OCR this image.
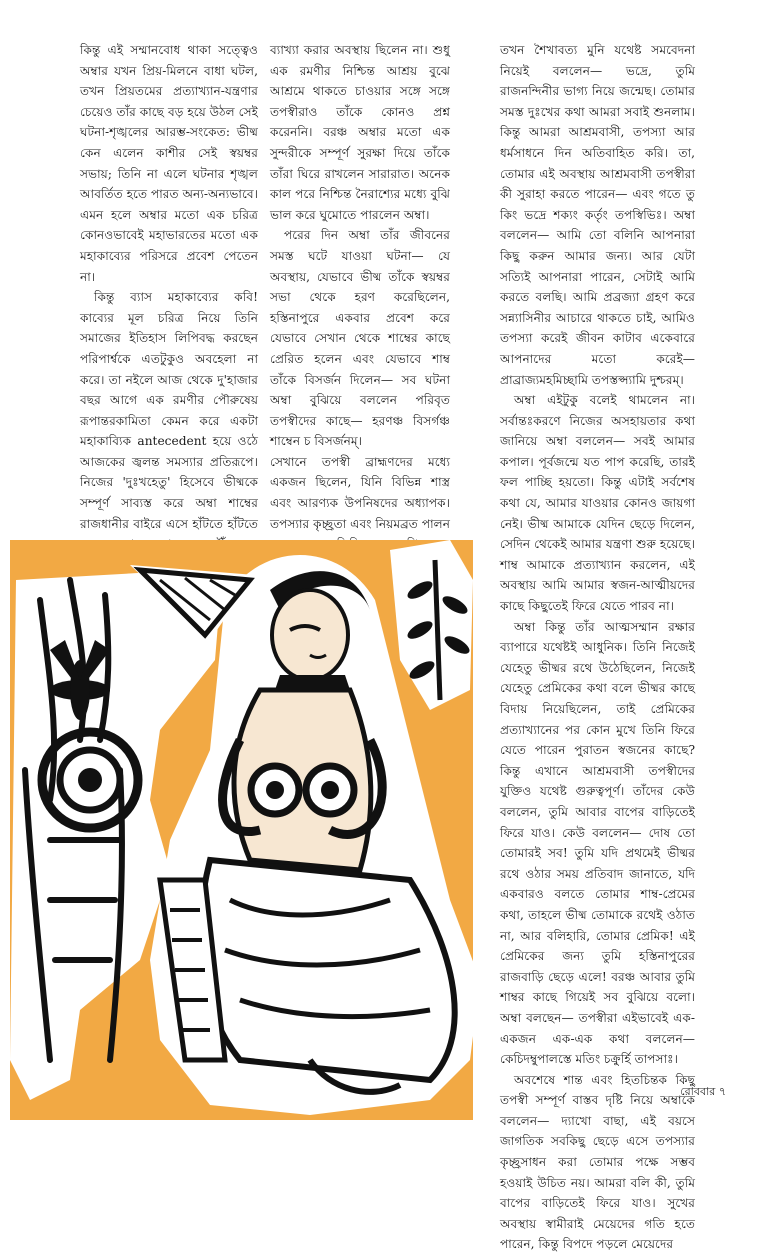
কিন্তু এই সম্মানবোধ থাকা সত্ত্বেও অম্বার যখন প্রিয়-মিলনে বাধা ঘটল, তখন প্রিয়তমের প্রত্যাখ্যান-যন্ত্রণার চেয়েও তাঁর কাছে বড় হয়ে উঠল সেই ঘটনা-শৃঙ্খলের আরম্ভ-সংকেত: ভীষ্ম কেন এলেন কাশীর সেই স্বয়ম্বর সভায়; তিনি না এলে ঘটনার শৃঙ্খল আবর্তিত হতে পারত অন্য-অন্যভাবে। এমন হলে অম্বার মতো এক চরিত্র কোনওভাবেই মহাভারতের মতো এক মহাকাব্যের পরিসরে প্রবেশ পেতেন না।

কিন্তু ব্যাস মহাকাব্যের কবি! কাব্যের মূল চরিত্র নিয়ে তিনি সমাজের ইতিহাস লিপিবদ্ধ করছেন পরিপার্শ্বকে এতটুকুও অবহেলা না করে। তা নইলে আজ থেকে দু'হাজার বছর আগে এক রমণীর পৌরুষেয় রূপান্তরকামিতা কেমন করে একটা মহাকাব্যিক antecedent হয়ে ওঠে আজকের জ্বলন্ত সমস্যার প্রতিরূপে। নিজের 'দুঃখহেতু' হিসেবে ভীষ্মকে সম্পূর্ণ সাব্যস্ত করে অম্বা শাম্বের রাজধানীর বাইরে এসে হাঁটতে হাঁটতে

ব্যাখ্যা করার অবস্থায় ছিলেন না। শুধু এক রমণীর নিশ্চিন্ত আশ্রয় বুঝে আশ্রমে থাকতে চাওয়ার সঙ্গে সঙ্গে তপস্বীরাও তাঁকে কোনও প্রশ্ন করেননি। বরঞ্চ অম্বার মতো এক সুন্দরীকে সম্পূর্ণ সুরক্ষা দিয়ে তাঁকে তাঁরা ঘিরে রাখলেন সারারাত। অনেক কাল পরে নিশ্চিন্ত নৈরাশ্যের মধ্যে বুঝি ভাল করে ঘুমোতে পারলেন অম্বা।

পরের দিন অম্বা তাঁর জীবনের সমস্ত ঘটে যাওয়া ঘটনা— যে অবস্থায়, যেভাবে ভীষ্ম তাঁকে স্বয়ম্বর সভা থেকে হরণ করেছিলেন, হস্তিনাপুরে একবার প্রবেশ করে যেভাবে সেখান থেকে শাম্বের কাছে প্রেরিত হলেন এবং যেভাবে শাম্ব তাঁকে বিসর্জন দিলেন— সব ঘটনা অম্বা বুঝিয়ে বললেন পরিবৃত তপস্বীদের কাছে— হরণঞ্চ বিসর্গঞ্চ শাম্বেন চ বিসর্জনম্।

সেখানে তপস্বী ব্রাহ্মণদের মধ্যে একজন ছিলেন, যিনি বিভিন্ন শাস্ত্র এবং আরণ্যক উপনিষদের অধ্যাপক। তপস্যার কৃচ্ছ্রতা এবং নিয়মব্রত পালন

তখন শৈখাবত্য মুনি যথেষ্ট সমবেদনা নিয়েই বললেন— ভদ্রে, তুমি রাজনন্দিনীর ভাগ্য নিয়ে জন্মেছ। তোমার সমস্ত দুঃখের কথা আমরা সবাই শুনলাম। কিন্তু আমরা আশ্রমবাসী, তপস্যা আর ধর্মসাধনে দিন অতিবাহিত করি। তা, তোমার এই অবস্থায় আশ্রমবাসী তপস্বীরা কী সুরাহা করতে পারেন— এবং গতে তু কিং ভদ্রে শক্যং কর্তৃং তপস্বিভিঃ। অম্বা বললেন— আমি তো বলিনি আপনারা কিছু করুন আমার জন্য। আর যেটা সত্যিই আপনারা পারেন, সেটাই আমি করতে বলছি। আমি প্রব্রজ্যা গ্রহণ করে সন্ন্যাসিনীর আচারে থাকতে চাই, আমিও তপস্যা করেই জীবন কাটাব একেবারে আপনাদের মতো করেই— প্রাব্রাজ্যমহমিচ্ছামি তপস্তপ্স্যামি দুশ্চরম্।

অম্বা এইটুকু বলেই থামলেন না। সর্বান্তঃকরণে নিজের অসহায়তার কথা জানিয়ে অম্বা বললেন— সবই আমার কপাল। পূর্বজন্মে যত পাপ করেছি, তারই ফল পাচ্ছি হয়তো। কিন্তু এটাই সর্বশেষ কথা যে, আমার যাওয়ার কোনও জায়গা নেই। ভীষ্ম আমাকে যেদিন ছেড়ে দিলেন, সেদিন থেকেই আমার যন্ত্রণা শুরু হয়েছে। শাম্ব আমাকে প্রত্যাখ্যান করলেন, এই অবস্থায় আমি আমার স্বজন-আত্মীয়দের কাছে কিছুতেই ফিরে যেতে পারব না।

অম্বা কিন্তু তাঁর আত্মসম্মান রক্ষার ব্যাপারে যথেষ্টই আধুনিক। তিনি নিজেই যেহেতু ভীষ্মর রথে উঠেছিলেন, নিজেই যেহেতু প্রেমিকের কথা বলে ভীষ্মর কাছে বিদায় নিয়েছিলেন, তাই প্রেমিকের প্রত্যাখ্যানের পর কোন মুখে তিনি ফিরে যেতে পারেন পুরাতন স্বজনের কাছে? কিন্তু এখানে আশ্রমবাসী তপস্বীদের যুক্তিও যথেষ্ট গুরুত্বপূর্ণ। তাঁদের কেউ বললেন, তুমি আবার বাপের বাড়িতেই ফিরে যাও। কেউ বললেন— দোষ তো তোমারই সব! তুমি যদি প্রথমেই ভীষ্মর রথে ওঠার সময় প্রতিবাদ জানাতে, যদি একবারও বলতে তোমার শাম্ব-প্রেমের কথা, তাহলে ভীষ্ম তোমাকে রথেই ওঠাত না, আর বলিহারি, তোমার প্রেমিক! এই প্রেমিকের জন্য তুমি হস্তিনাপুরের রাজবাড়ি ছেড়ে এলে! বরঞ্চ আবার তুমি শাম্বর কাছে গিয়েই সব বুঝিয়ে বলো। অম্বা বলছেন— তপস্বীরা এইভাবেই এক-একজন এক-এক কথা বললেন— কেচিদম্বুপালস্তে মতিং চক্রুর্হি তাপসাঃ।

অবশেষে শান্ত এবং হিতচিন্তক কিছু তপস্বী সম্পূর্ণ বাস্তব দৃষ্টি নিয়ে অম্বাকে বললেন— দ্যাখো বাছা, এই বয়সে জাগতিক সবকিছু ছেড়ে এসে তপস্যার কৃচ্ছ্রসাধন করা তোমার পক্ষে সম্ভব হওয়াই উচিত নয়। আমরা বলি কী, তুমি বাপের বাড়িতেই ফিরে যাও। সুখের অবস্থায় স্বামীরাই মেয়েদের গতি হতে পারেন, কিন্তু বিপদে পড়লে মেয়েদের

রোববার ৭
